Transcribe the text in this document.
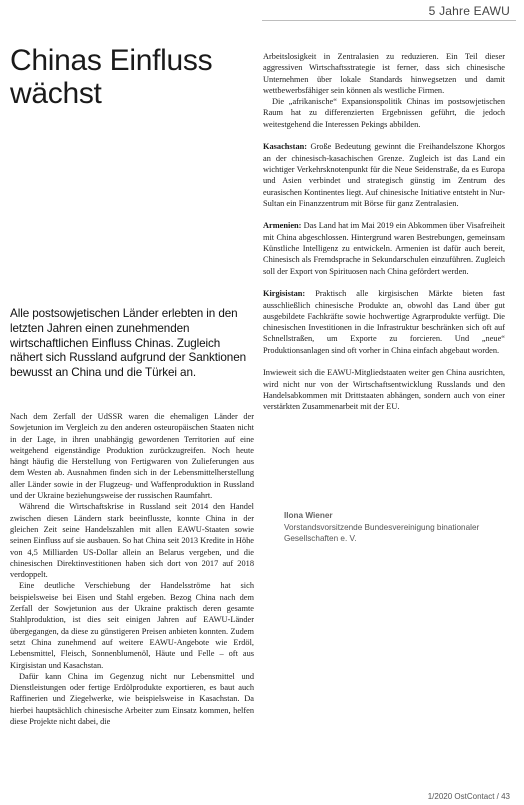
5 Jahre EAWU
Chinas Einfluss wächst
Alle postsowjetischen Länder erlebten in den letzten Jahren einen zunehmenden wirtschaftlichen Einfluss Chinas. Zugleich nähert sich Russland aufgrund der Sanktionen bewusst an China und die Türkei an.

Nach dem Zerfall der UdSSR waren die ehemaligen Länder der Sowjetunion im Vergleich zu den anderen osteuropäischen Staaten nicht in der Lage, in ihren unabhängig gewordenen Territorien auf eine weitgehend eigenständige Produktion zurückzugreifen. Noch heute hängt häufig die Herstellung von Fertigwaren von Zulieferungen aus dem Westen ab. Ausnahmen finden sich in der Lebensmittelherstellung aller Länder sowie in der Flugzeug- und Waffenproduktion in Russland und der Ukraine beziehungsweise der russischen Raumfahrt.

Während die Wirtschaftskrise in Russland seit 2014 den Handel zwischen diesen Ländern stark beeinflusste, konnte China in der gleichen Zeit seine Handelszahlen mit allen EAWU-Staaten sowie seinen Einfluss auf sie ausbauen. So hat China seit 2013 Kredite in Höhe von 4,5 Milliarden US-Dollar allein an Belarus vergeben, und die chinesischen Direktinvestitionen haben sich dort von 2017 auf 2018 verdoppelt.

Eine deutliche Verschiebung der Handelsströme hat sich beispielsweise bei Eisen und Stahl ergeben. Bezog China nach dem Zerfall der Sowjetunion aus der Ukraine praktisch deren gesamte Stahlproduktion, ist dies seit einigen Jahren auf EAWU-Länder übergegangen, da diese zu günstigeren Preisen anbieten konnten. Zudem setzt China zunehmend auf weitere EAWU-Angebote wie Erdöl, Lebensmittel, Fleisch, Sonnenblumenöl, Häute und Felle – oft aus Kirgisistan und Kasachstan.

Dafür kann China im Gegenzug nicht nur Lebensmittel und Dienstleistungen oder fertige Erdölprodukte exportieren, es baut auch Raffinerien und Ziegelwerke, wie beispielsweise in Kasachstan. Da hierbei hauptsächlich chinesische Arbeiter zum Einsatz kommen, helfen diese Projekte nicht dabei, die

Arbeitslosigkeit in Zentralasien zu reduzieren. Ein Teil dieser aggressiven Wirtschaftsstrategie ist ferner, dass sich chinesische Unternehmen über lokale Standards hinwegsetzen und damit wettbewerbsfähiger sein können als westliche Firmen.

Die „afrikanische“ Expansionspolitik Chinas im postsowjetischen Raum hat zu differenzierten Ergebnissen geführt, die jedoch weitestgehend die Interessen Pekings abbilden.

Kasachstan: Große Bedeutung gewinnt die Freihandelszone Khorgos an der chinesisch-kasachischen Grenze. Zugleich ist das Land ein wichtiger Verkehrsknotenpunkt für die Neue Seidenstraße, da es Europa und Asien verbindet und strategisch günstig im Zentrum des eurasischen Kontinentes liegt. Auf chinesische Initiative entsteht in Nur-Sultan ein Finanzzentrum mit Börse für ganz Zentralasien.

Armenien: Das Land hat im Mai 2019 ein Abkommen über Visafreiheit mit China abgeschlossen. Hintergrund waren Bestrebungen, gemeinsam Künstliche Intelligenz zu entwickeln. Armenien ist dafür auch bereit, Chinesisch als Fremdsprache in Sekundarschulen einzuführen. Zugleich soll der Export von Spirituosen nach China gefördert werden.

Kirgisistan: Praktisch alle kirgisischen Märkte bieten fast ausschließlich chinesische Produkte an, obwohl das Land über gut ausgebildete Fachkräfte sowie hochwertige Agrarprodukte verfügt. Die chinesischen Investitionen in die Infrastruktur beschränken sich oft auf Schnellstraßen, um Exporte zu forcieren. Und „neue“ Produktionsanlagen sind oft vorher in China einfach abgebaut worden.

Inwieweit sich die EAWU-Mitgliedstaaten weiter gen China ausrichten, wird nicht nur von der Wirtschaftsentwicklung Russlands und den Handelsabkommen mit Drittstaaten abhängen, sondern auch von einer verstärkten Zusammenarbeit mit der EU.

Ilona Wiener
Vorstandsvorsitzende Bundesvereinigung binationaler Gesellschaften e. V.
1/2020 OstContact / 43
